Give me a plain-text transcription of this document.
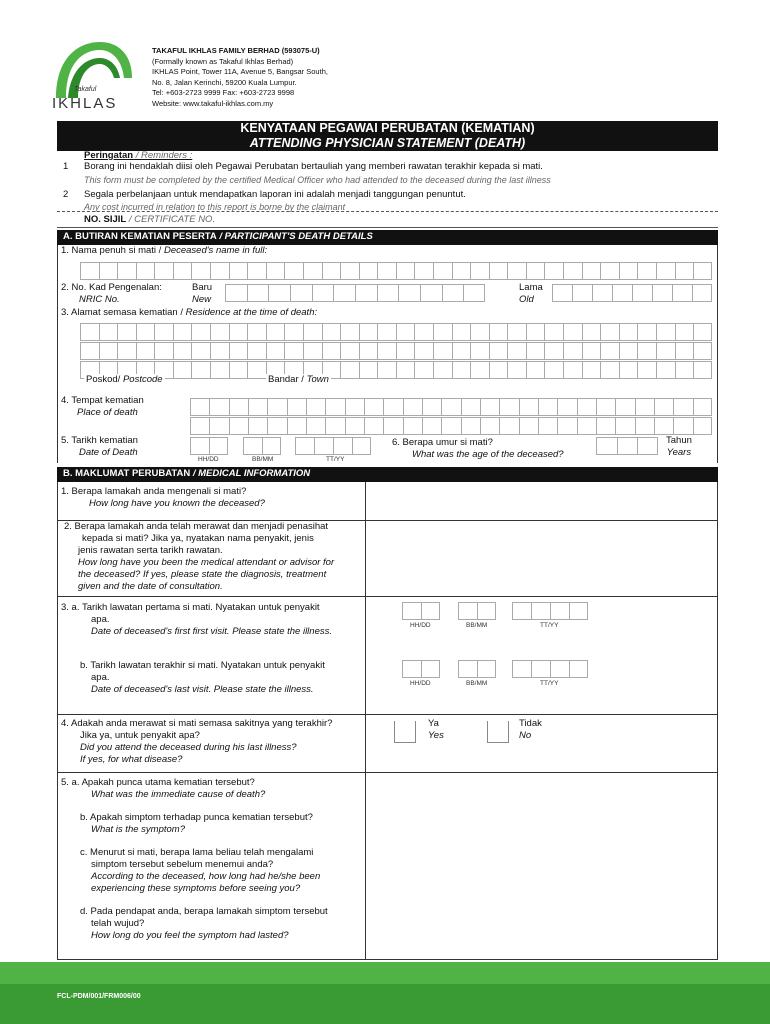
Takaful
IKHLAS
TAKAFUL IKHLAS FAMILY BERHAD (593075-U)
(Formally known as Takaful Ikhlas Berhad)
IKHLAS Point, Tower 11A, Avenue 5, Bangsar South,
No. 8, Jalan Kerinchi, 59200 Kuala Lumpur.
Tel: +603-2723 9999 Fax: +603-2723 9998
Website: www.takaful-ikhlas.com.my
KENYATAAN PEGAWAI PERUBATAN (KEMATIAN)
ATTENDING PHYSICIAN STATEMENT (DEATH)
Peringatan / Reminders :
1 Borang ini hendaklah diisi oleh Pegawai Perubatan bertauliah yang memberi rawatan terakhir kepada si mati.
This form must be completed by the certified Medical Officer who had attended to the deceased during the last illness
2 Segala perbelanjaan untuk mendapatkan laporan ini adalah menjadi tanggungan penuntut.
Any cost incurred in relation to this report is borne by the claimant
NO. SIJIL / CERTIFICATE NO.
A. BUTIRAN KEMATIAN PESERTA / PARTICIPANT'S DEATH DETAILS
1. Nama penuh si mati / Deceased's name in full:
2. No. Kad Pengenalan:
NRIC No.
Baru
New
Lama
Old
3. Alamat semasa kematian / Residence at the time of death:
Poskod/ Postcode	Bandar / Town
4. Tempat kematian
Place of death
5. Tarikh kematian
Date of Death
HH/DD	BB/MM	TT/YY
6. Berapa umur si mati?
What was the age of the deceased?
Tahun
Years
B. MAKLUMAT PERUBATAN / MEDICAL INFORMATION
1. Berapa lamakah anda mengenali si mati?
How long have you known the deceased?
2. Berapa lamakah anda telah merawat dan menjadi penasihat
kepada si mati? Jika ya, nyatakan nama penyakit, jenis
jenis rawatan serta tarikh rawatan.
How long have you been the medical attendant or advisor for
the deceased? If yes, please state the diagnosis, treatment
given and the date of consultation.
3. a. Tarikh lawatan pertama si mati. Nyatakan untuk penyakit
apa.
Date of deceased's first first visit. Please state the illness.
HH/DD	BB/MM	TT/YY
b. Tarikh lawatan terakhir si mati. Nyatakan untuk penyakit
apa.
Date of deceased's last visit. Please state the illness.
HH/DD	BB/MM	TT/YY
4. Adakah anda merawat si mati semasa sakitnya yang terakhir?
Jika ya, untuk penyakit apa?
Did you attend the deceased during his last illness?
If yes, for what disease?
Ya
Yes
Tidak
No
5. a. Apakah punca utama kematian tersebut?
What was the immediate cause of death?
b. Apakah simptom terhadap punca kematian tersebut?
What is the symptom?
c. Menurut si mati, berapa lama beliau telah mengalami
simptom tersebut sebelum menemui anda?
According to the deceased, how long had he/she been
experiencing these symptoms before seeing you?
d. Pada pendapat anda, berapa lamakah simptom tersebut
telah wujud?
How long do you feel the symptom had lasted?
FCL-PDM/001/FRM006/00
